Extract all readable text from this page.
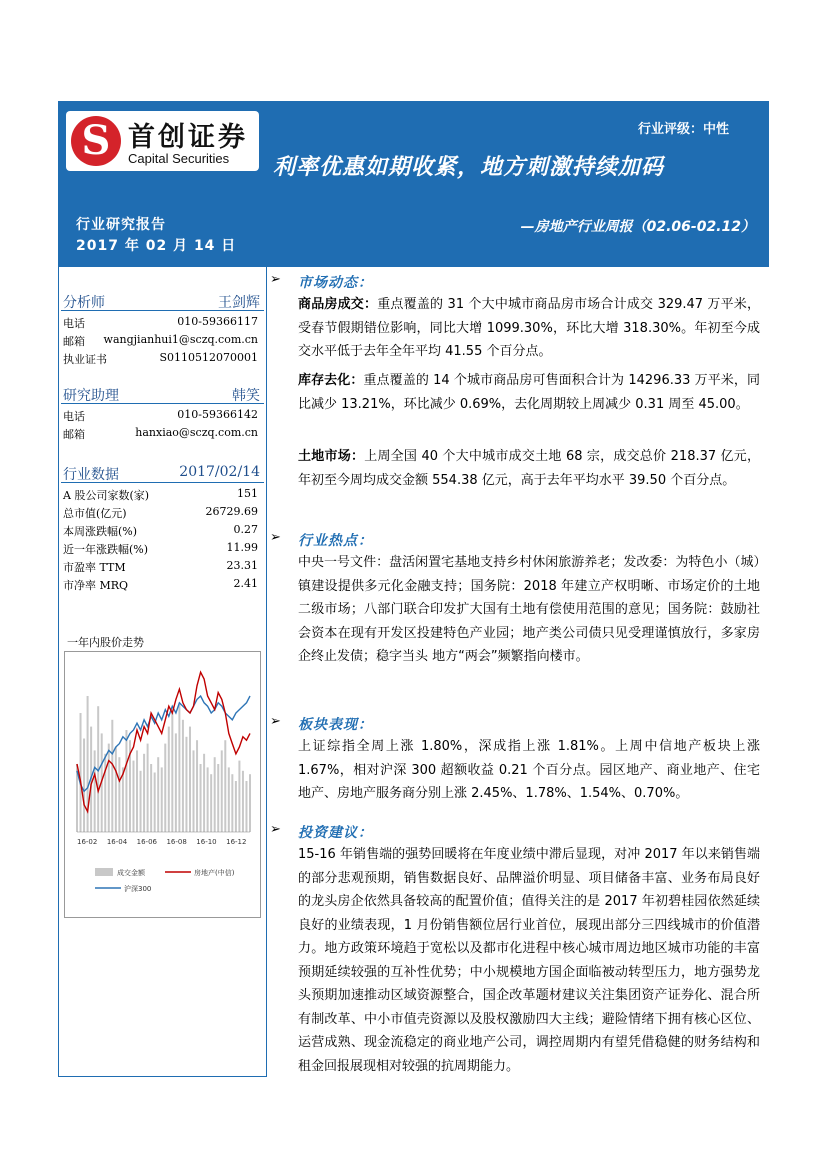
S 首创证券
Capital Securities
行业评级：中性
利率优惠如期收紧，地方刺激持续加码
行业研究报告
2017 年 02 月 14 日
—房地产行业周报（02.06-02.12）
分析师	王剑辉
电话	010-59366117
邮箱 wangjianhui1@sczq.com.cn
执业证书	S0110512070001
研究助理	韩笑
电话	010-59366142
邮箱	hanxiao@sczq.com.cn
行业数据	2017/02/14
A 股公司家数(家)	151
总市值(亿元)	26729.69
本周涨跌幅(%)	0.27
近一年涨跌幅(%)	11.99
市盈率 TTM	23.31
市净率 MRQ	2.41
一年内股价走势
16-02 16-04 16-06 16-08 16-10 16-12
成交金额	房地产(中信)
沪深300
➢ 市场动态：
商品房成交：重点覆盖的 31 个大中城市商品房市场合计成交 329.47 万平米，受春节假期错位影响，同比大增 1099.30%，环比大增 318.30%。年初至今成交水平低于去年全年平均 41.55 个百分点。
库存去化：重点覆盖的 14 个城市商品房可售面积合计为 14296.33 万平米，同比减少 13.21%，环比减少 0.69%，去化周期较上周减少 0.31 周至 45.00。
土地市场：上周全国 40 个大中城市成交土地 68 宗，成交总价 218.37 亿元，年初至今周均成交金额 554.38 亿元，高于去年平均水平 39.50 个百分点。
➢ 行业热点：
中央一号文件：盘活闲置宅基地支持乡村休闲旅游养老；发改委：为特色小（城）镇建设提供多元化金融支持；国务院：2018 年建立产权明晰、市场定价的土地二级市场；八部门联合印发扩大国有土地有偿使用范围的意见；国务院：鼓励社会资本在现有开发区投建特色产业园；地产类公司债只见受理谨慎放行，多家房企终止发债；稳字当头 地方“两会”频繁指向楼市。
➢ 板块表现：
上证综指全周上涨 1.80%，深成指上涨 1.81%。上周中信地产板块上涨 1.67%，相对沪深 300 超额收益 0.21 个百分点。园区地产、商业地产、住宅地产、房地产服务商分别上涨 2.45%、1.78%、1.54%、0.70%。
➢ 投资建议：
15-16 年销售端的强势回暖将在年度业绩中滞后显现，对冲 2017 年以来销售端的部分悲观预期，销售数据良好、品牌溢价明显、项目储备丰富、业务布局良好的龙头房企依然具备较高的配置价值；值得关注的是 2017 年初碧桂园依然延续良好的业绩表现，1 月份销售额位居行业首位，展现出部分三四线城市的价值潜力。地方政策环境趋于宽松以及都市化进程中核心城市周边地区城市功能的丰富预期延续较强的互补性优势；中小规模地方国企面临被动转型压力，地方强势龙头预期加速推动区域资源整合，国企改革题材建议关注集团资产证券化、混合所有制改革、中小市值壳资源以及股权激励四大主线；避险情绪下拥有核心区位、运营成熟、现金流稳定的商业地产公司，调控周期内有望凭借稳健的财务结构和租金回报展现相对较强的抗周期能力。
